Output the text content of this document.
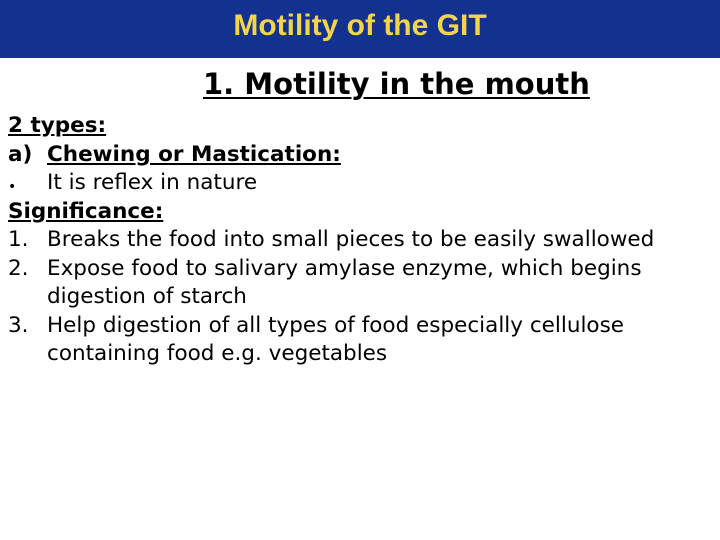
Motility of the GIT
1. Motility in the mouth
2 types:
a) Chewing or Mastication:
• It is reflex in nature
Significance:
1. Breaks the food into small pieces to be easily swallowed
2. Expose food to salivary amylase enzyme, which begins
digestion of starch
3. Help digestion of all types of food especially cellulose
containing food e.g. vegetables
